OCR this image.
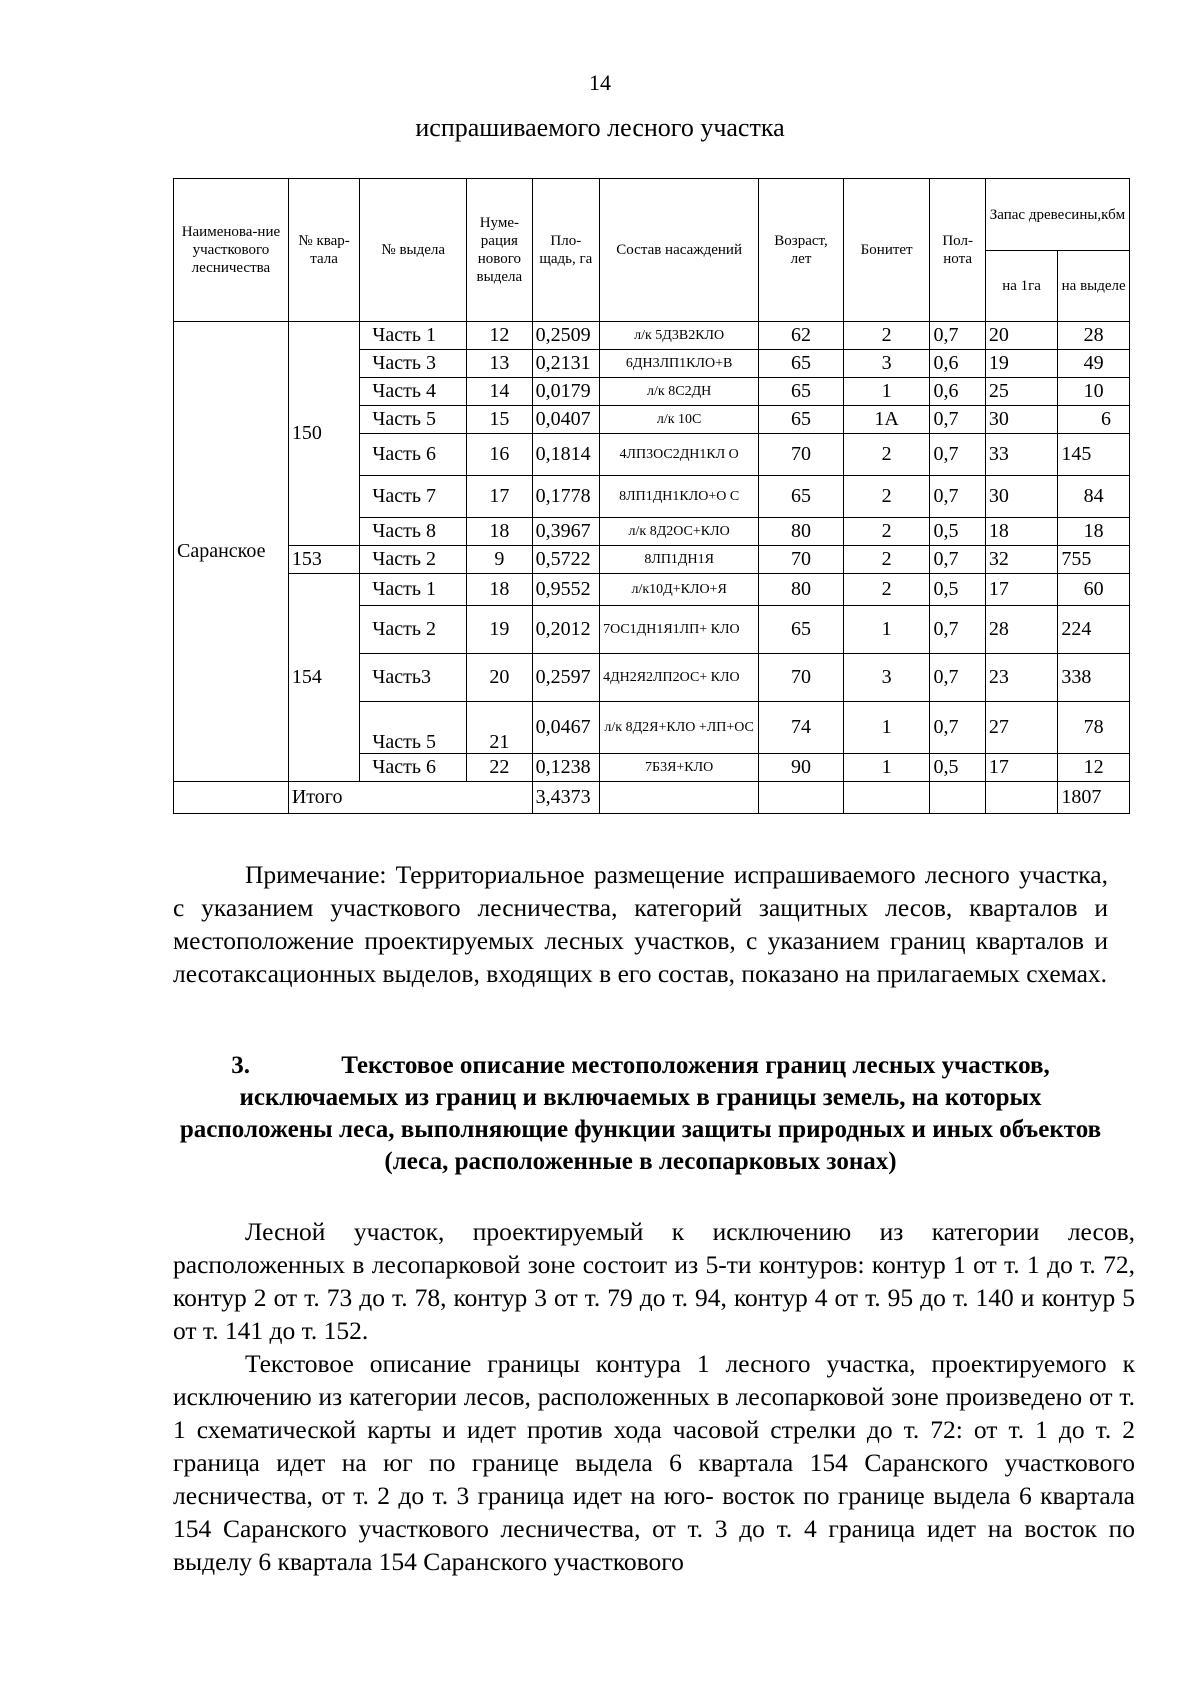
14
испрашиваемого лесного участка
Наименова-ние участкового лесничества	№ квар-тала	№ выдела	Нуме-рация нового выдела	Пло-щадь, га	Состав насаждений	Возраст, лет	Бонитет	Пол-нота	Запас древесины,кбм	
									на 1га	на выделе
Саранское	150	Часть 1	12	0,2509	л/к 5Д3В2КЛО	62	2	0,7	20	28
		Часть 3	13	0,2131	6ДН3ЛП1КЛО+В	65	3	0,6	19	49
		Часть 4	14	0,0179	л/к 8С2ДН	65	1	0,6	25	10
		Часть 5	15	0,0407	л/к 10С	65	1А	0,7	30	6
		Часть 6	16	0,1814	4ЛП3ОС2ДН1КЛ О	70	2	0,7	33	145
		Часть 7	17	0,1778	8ЛП1ДН1КЛО+О С	65	2	0,7	30	84
		Часть 8	18	0,3967	л/к 8Д2ОС+КЛО	80	2	0,5	18	18
	153	Часть 2	9	0,5722	8ЛП1ДН1Я	70	2	0,7	32	755
	154	Часть 1	18	0,9552	л/к10Д+КЛО+Я	80	2	0,5	17	60
		Часть 2	19	0,2012	7ОС1ДН1Я1ЛП+ КЛО	65	1	0,7	28	224
		Часть3	20	0,2597	4ДН2Я2ЛП2ОС+ КЛО	70	3	0,7	23	338
		Часть 5	21	0,0467	л/к 8Д2Я+КЛО +ЛП+ОС	74	1	0,7	27	78
		Часть 6	22	0,1238	7Б3Я+КЛО	90	1	0,5	17	12
	Итого			3,4373						1807

Примечание: Территориальное размещение испрашиваемого лесного участка, с указанием участкового лесничества, категорий защитных лесов, кварталов и местоположение проектируемых лесных участков, с указанием границ кварталов и лесотаксационных выделов, входящих в его состав, показано на прилагаемых схемах.

3.	Текстовое описание местоположения границ лесных участков, исключаемых из границ и включаемых в границы земель, на которых расположены леса, выполняющие функции защиты природных и иных объектов (леса, расположенные в лесопарковых зонах)

Лесной участок, проектируемый к исключению из категории лесов, расположенных в лесопарковой зоне состоит из 5-ти контуров: контур 1 от т. 1 до т. 72, контур 2 от т. 73 до т. 78, контур 3 от т. 79 до т. 94, контур 4 от т. 95 до т. 140 и контур 5 от т. 141 до т. 152.

Текстовое описание границы контура 1 лесного участка, проектируемого к исключению из категории лесов, расположенных в лесопарковой зоне произведено от т. 1 схематической карты и идет против хода часовой стрелки до т. 72: от т. 1 до т. 2 граница идет на юг по границе выдела 6 квартала 154 Саранского участкового лесничества, от т. 2 до т. 3 граница идет на юго- восток по границе выдела 6 квартала 154 Саранского участкового лесничества, от т. 3 до т. 4 граница идет на восток по выделу 6 квартала 154 Саранского участкового
